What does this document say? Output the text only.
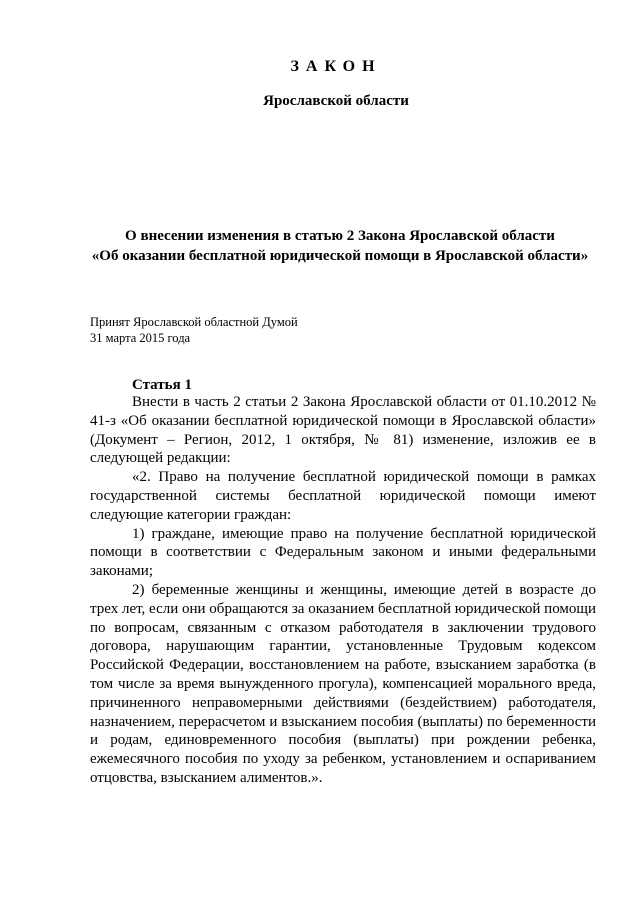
ЗАКОН
Ярославской области
О внесении изменения в статью 2 Закона Ярославской области
«Об оказании бесплатной юридической помощи в Ярославской области»
Принят Ярославской областной Думой
31 марта 2015 года
Статья 1

Внести в часть 2 статьи 2 Закона Ярославской области от 01.10.2012 № 41-з «Об оказании бесплатной юридической помощи в Ярославской области» (Документ – Регион, 2012, 1 октября, № 81) изменение, изложив ее в следующей редакции:

«2. Право на получение бесплатной юридической помощи в рамках государственной системы бесплатной юридической помощи имеют следующие категории граждан:

1) граждане, имеющие право на получение бесплатной юридической помощи в соответствии с Федеральным законом и иными федеральными законами;

2) беременные женщины и женщины, имеющие детей в возрасте до трех лет, если они обращаются за оказанием бесплатной юридической помощи по вопросам, связанным с отказом работодателя в заключении трудового договора, нарушающим гарантии, установленные Трудовым кодексом Российской Федерации, восстановлением на работе, взысканием заработка (в том числе за время вынужденного прогула), компенсацией морального вреда, причиненного неправомерными действиями (бездействием) работодателя, назначением, перерасчетом и взысканием пособия (выплаты) по беременности и родам, единовременного пособия (выплаты) при рождении ребенка, ежемесячного пособия по уходу за ребенком, установлением и оспариванием отцовства, взысканием алиментов.».
